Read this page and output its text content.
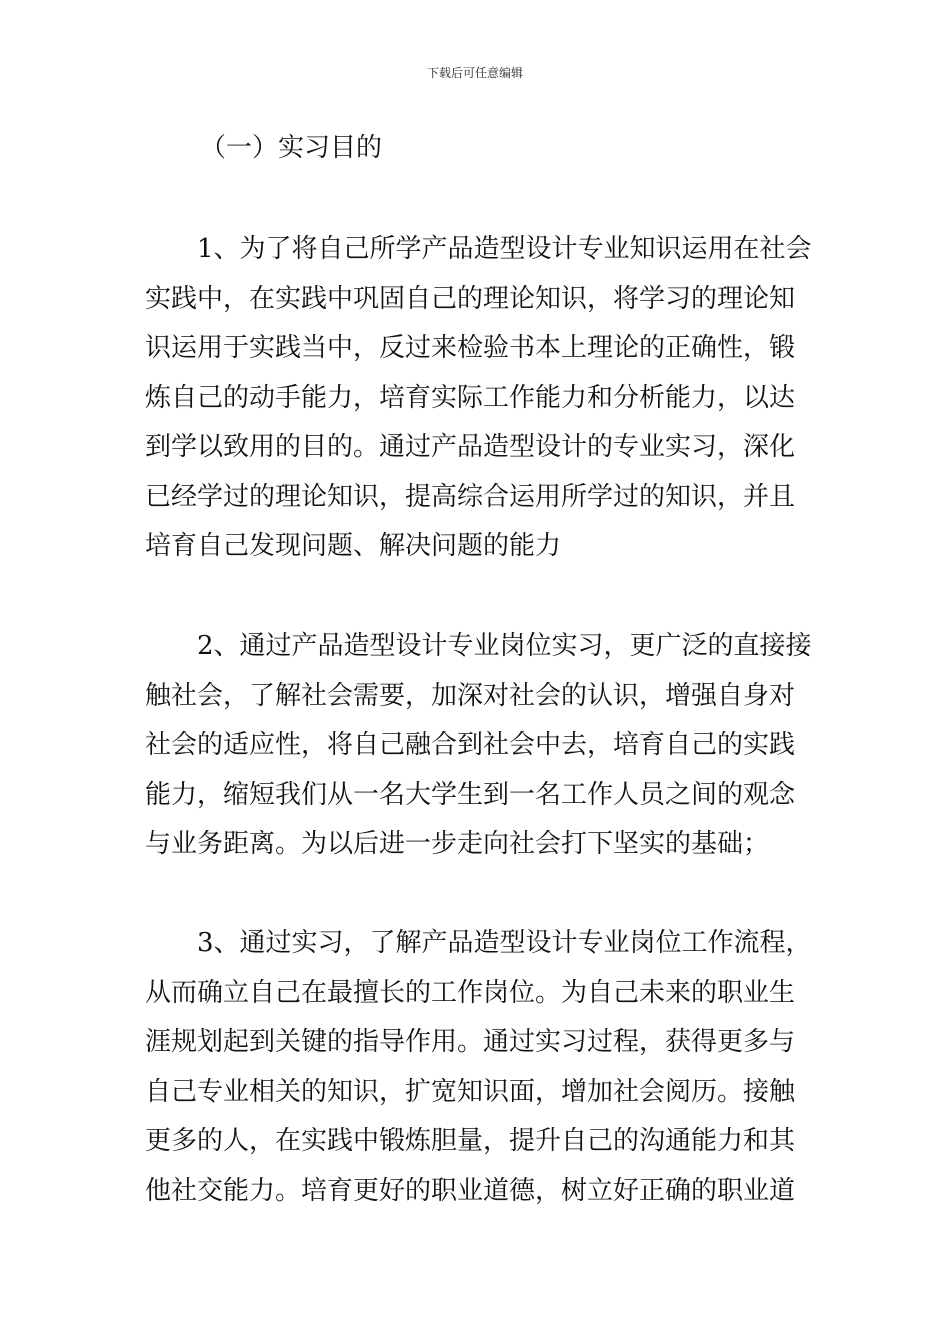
下载后可任意编辑
（一）实习目的
1、为了将自己所学产品造型设计专业知识运用在社会
实践中，在实践中巩固自己的理论知识，将学习的理论知
识运用于实践当中，反过来检验书本上理论的正确性，锻
炼自己的动手能力，培育实际工作能力和分析能力，以达
到学以致用的目的。通过产品造型设计的专业实习，深化
已经学过的理论知识，提高综合运用所学过的知识，并且
培育自己发现问题、解决问题的能力
2、通过产品造型设计专业岗位实习，更广泛的直接接
触社会，了解社会需要，加深对社会的认识，增强自身对
社会的适应性，将自己融合到社会中去，培育自己的实践
能力，缩短我们从一名大学生到一名工作人员之间的观念
与业务距离。为以后进一步走向社会打下坚实的基础；
3、通过实习，了解产品造型设计专业岗位工作流程，
从而确立自己在最擅长的工作岗位。为自己未来的职业生
涯规划起到关键的指导作用。通过实习过程，获得更多与
自己专业相关的知识，扩宽知识面，增加社会阅历。接触
更多的人，在实践中锻炼胆量，提升自己的沟通能力和其
他社交能力。培育更好的职业道德，树立好正确的职业道
